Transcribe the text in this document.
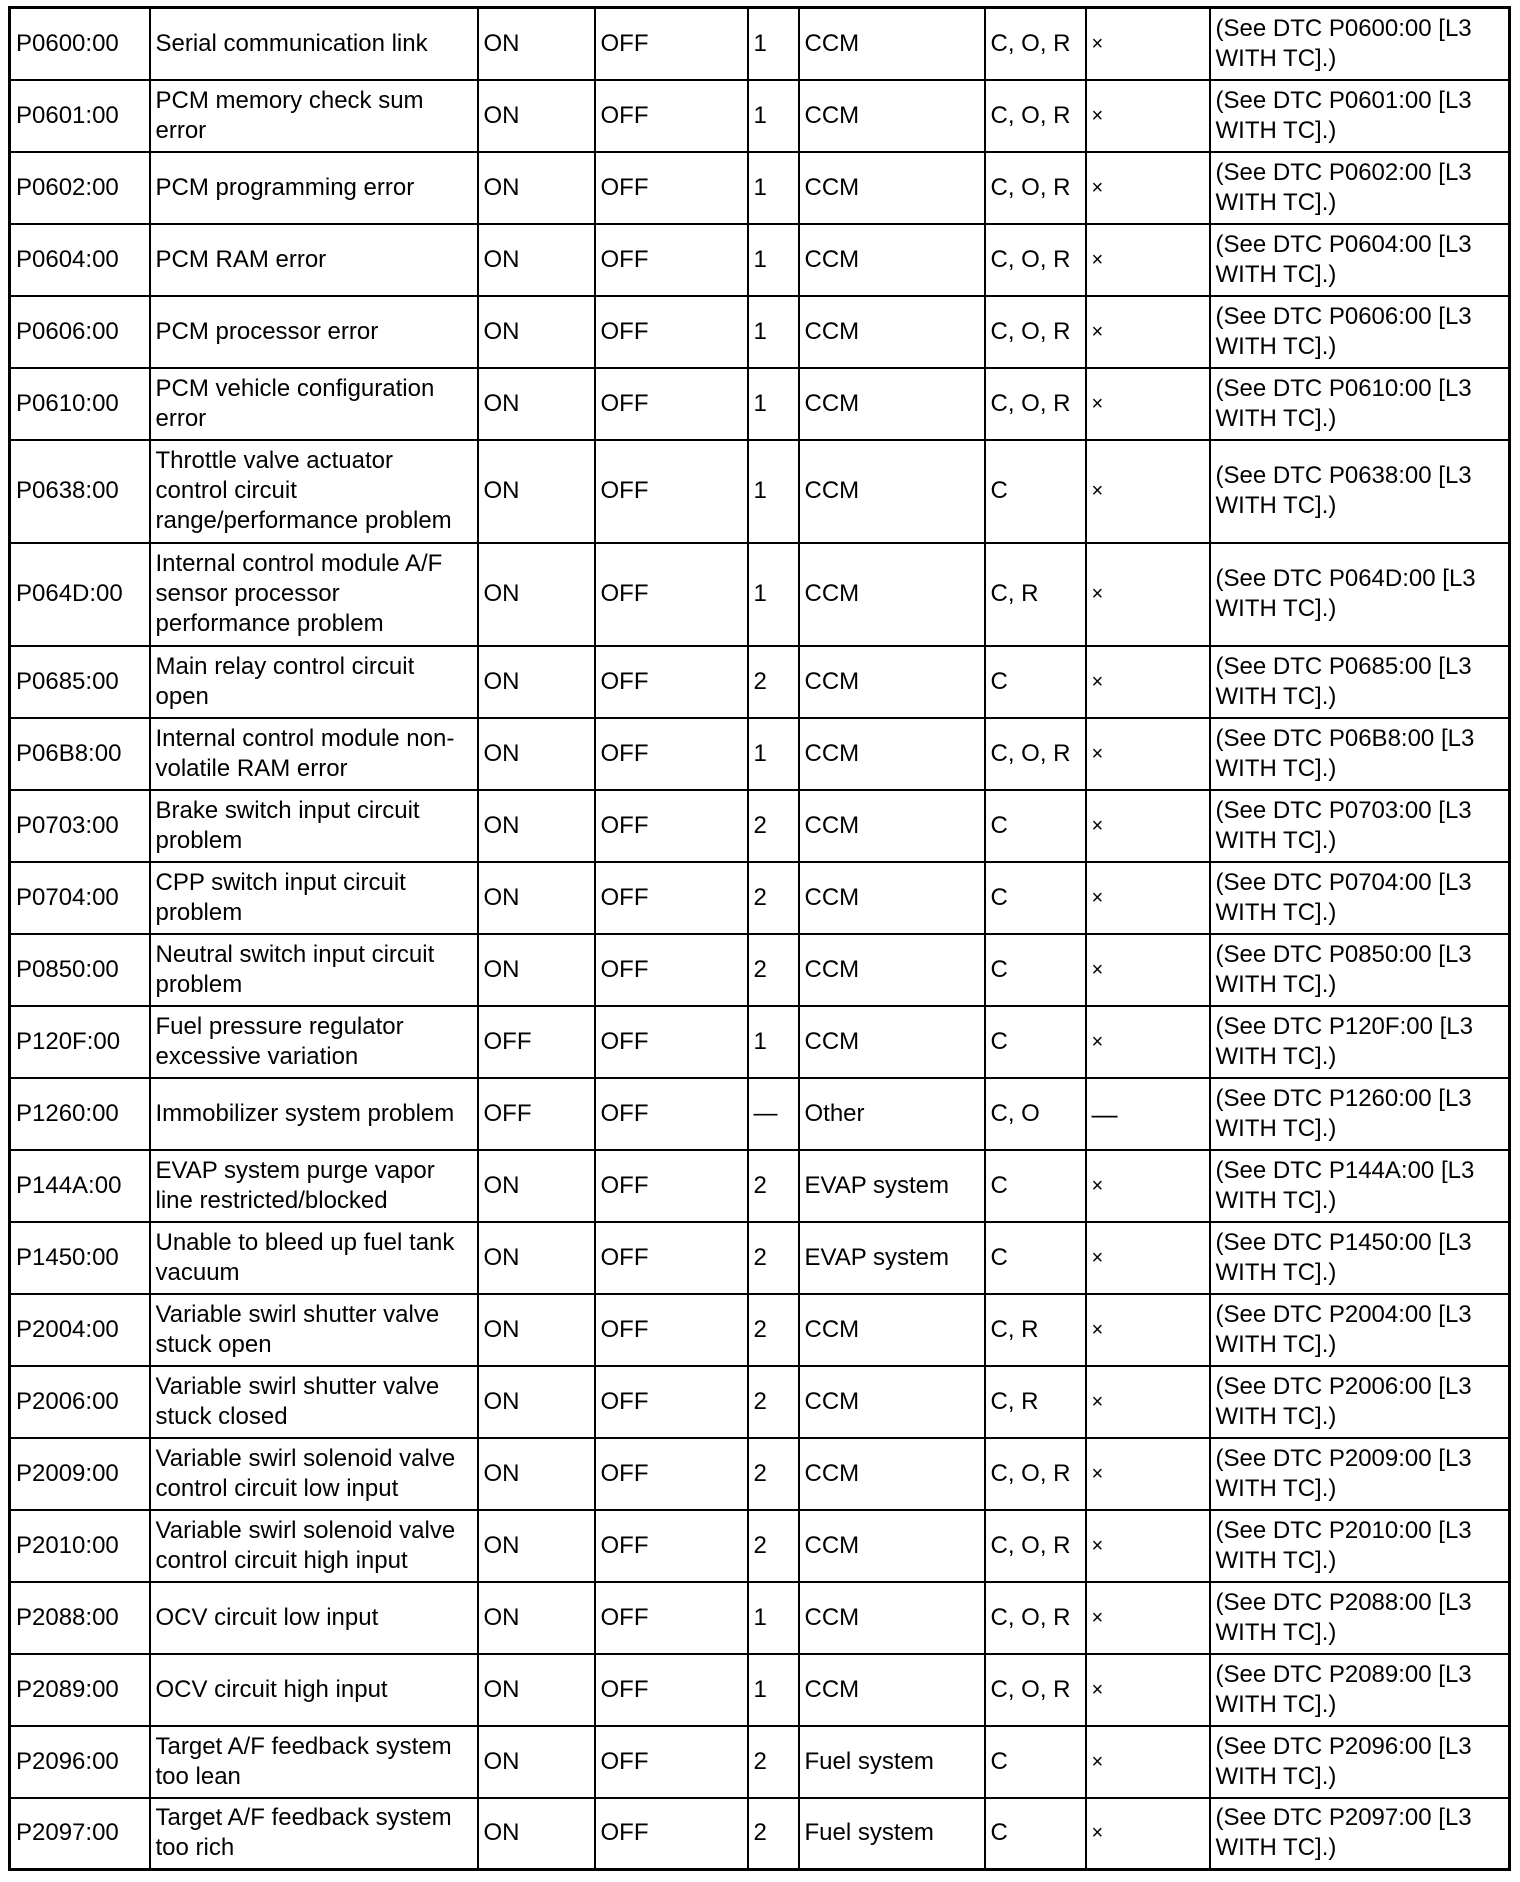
P0600:00	Serial communication link	ON	OFF	1	CCM	C, O, R	×	(See DTC P0600:00 [L3 WITH TC].)
P0601:00	PCM memory check sum error	ON	OFF	1	CCM	C, O, R	×	(See DTC P0601:00 [L3 WITH TC].)
P0602:00	PCM programming error	ON	OFF	1	CCM	C, O, R	×	(See DTC P0602:00 [L3 WITH TC].)
P0604:00	PCM RAM error	ON	OFF	1	CCM	C, O, R	×	(See DTC P0604:00 [L3 WITH TC].)
P0606:00	PCM processor error	ON	OFF	1	CCM	C, O, R	×	(See DTC P0606:00 [L3 WITH TC].)
P0610:00	PCM vehicle configuration error	ON	OFF	1	CCM	C, O, R	×	(See DTC P0610:00 [L3 WITH TC].)
P0638:00	Throttle valve actuator control circuit range/performance problem	ON	OFF	1	CCM	C	×	(See DTC P0638:00 [L3 WITH TC].)
P064D:00	Internal control module A/F sensor processor performance problem	ON	OFF	1	CCM	C, R	×	(See DTC P064D:00 [L3 WITH TC].)
P0685:00	Main relay control circuit open	ON	OFF	2	CCM	C	×	(See DTC P0685:00 [L3 WITH TC].)
P06B8:00	Internal control module non-volatile RAM error	ON	OFF	1	CCM	C, O, R	×	(See DTC P06B8:00 [L3 WITH TC].)
P0703:00	Brake switch input circuit problem	ON	OFF	2	CCM	C	×	(See DTC P0703:00 [L3 WITH TC].)
P0704:00	CPP switch input circuit problem	ON	OFF	2	CCM	C	×	(See DTC P0704:00 [L3 WITH TC].)
P0850:00	Neutral switch input circuit problem	ON	OFF	2	CCM	C	×	(See DTC P0850:00 [L3 WITH TC].)
P120F:00	Fuel pressure regulator excessive variation	OFF	OFF	1	CCM	C	×	(See DTC P120F:00 [L3 WITH TC].)
P1260:00	Immobilizer system problem	OFF	OFF	—	Other	C, O	—	(See DTC P1260:00 [L3 WITH TC].)
P144A:00	EVAP system purge vapor line restricted/blocked	ON	OFF	2	EVAP system	C	×	(See DTC P144A:00 [L3 WITH TC].)
P1450:00	Unable to bleed up fuel tank vacuum	ON	OFF	2	EVAP system	C	×	(See DTC P1450:00 [L3 WITH TC].)
P2004:00	Variable swirl shutter valve stuck open	ON	OFF	2	CCM	C, R	×	(See DTC P2004:00 [L3 WITH TC].)
P2006:00	Variable swirl shutter valve stuck closed	ON	OFF	2	CCM	C, R	×	(See DTC P2006:00 [L3 WITH TC].)
P2009:00	Variable swirl solenoid valve control circuit low input	ON	OFF	2	CCM	C, O, R	×	(See DTC P2009:00 [L3 WITH TC].)
P2010:00	Variable swirl solenoid valve control circuit high input	ON	OFF	2	CCM	C, O, R	×	(See DTC P2010:00 [L3 WITH TC].)
P2088:00	OCV circuit low input	ON	OFF	1	CCM	C, O, R	×	(See DTC P2088:00 [L3 WITH TC].)
P2089:00	OCV circuit high input	ON	OFF	1	CCM	C, O, R	×	(See DTC P2089:00 [L3 WITH TC].)
P2096:00	Target A/F feedback system too lean	ON	OFF	2	Fuel system	C	×	(See DTC P2096:00 [L3 WITH TC].)
P2097:00	Target A/F feedback system too rich	ON	OFF	2	Fuel system	C	×	(See DTC P2097:00 [L3 WITH TC].)
